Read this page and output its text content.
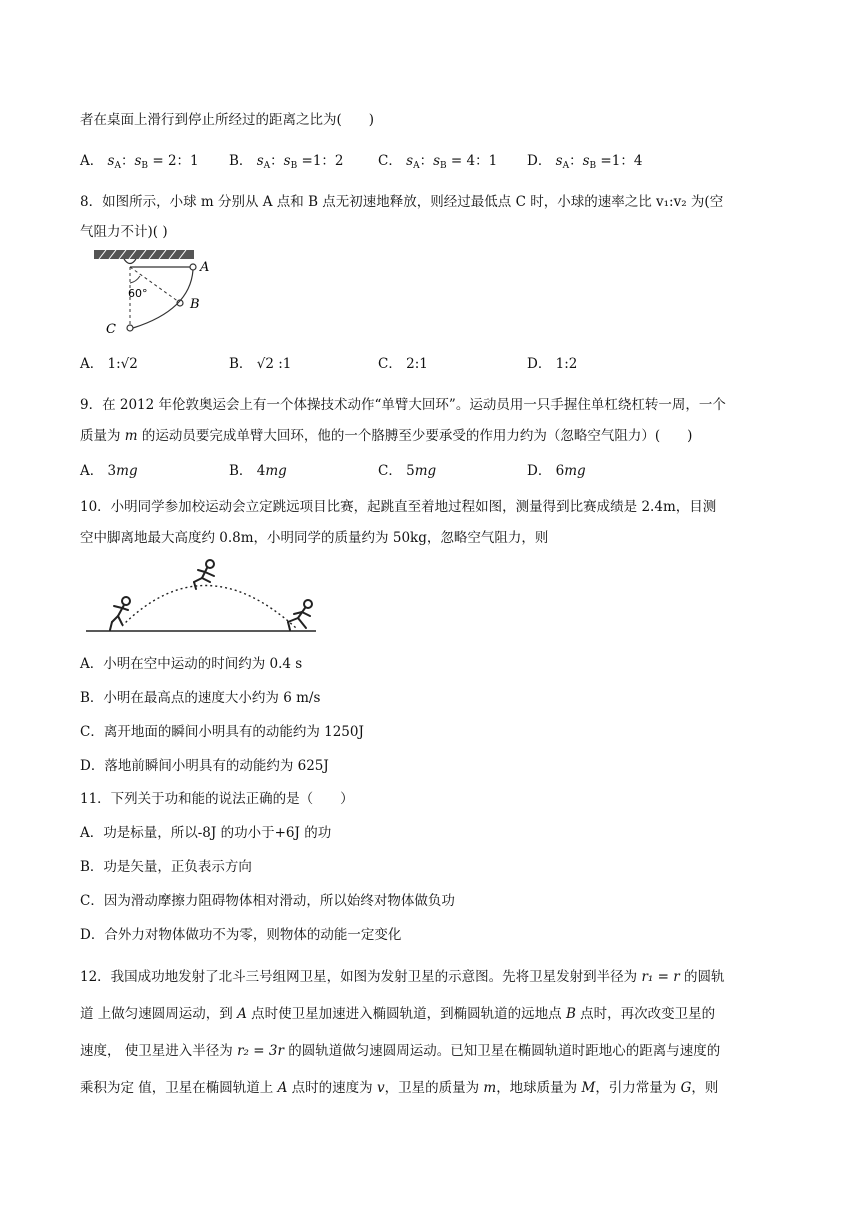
者在桌面上滑行到停止所经过的距离之比为(　　)
A． $s_A$：$s_B = 2$：1 B． $s_A$：$s_B =1$：2	C． $s_A$：$s_B = 4$：1 D． $s_A$：$s_B =1$：4
8．如图所示，小球 m 分别从 A 点和 B 点无初速地释放，则经过最低点 C 时，小球的速率之比 v₁:v₂ 为(空
气阻力不计)( )
A
B
C
60°
A． 1:√2	B． √2 :1	C． 2:1	D． 1:2
9．在 2012 年伦敦奥运会上有一个体操技术动作“单臂大回环”。运动员用一只手握住单杠绕杠转一周，一个
质量为 m 的运动员要完成单臂大回环，他的一个胳膊至少要承受的作用力约为（忽略空气阻力）(　　)
A． 3mg	B． 4mg	C． 5mg	D． 6mg
10．小明同学参加校运动会立定跳远项目比赛，起跳直至着地过程如图，测量得到比赛成绩是 2.4m，目测
空中脚离地最大高度约 0.8m，小明同学的质量约为 50kg，忽略空气阻力，则
A．小明在空中运动的时间约为 0.4 s
B．小明在最高点的速度大小约为 6 m/s
C．离开地面的瞬间小明具有的动能约为 1250J
D．落地前瞬间小明具有的动能约为 625J
11．下列关于功和能的说法正确的是（　　）
A．功是标量，所以-8J 的功小于+6J 的功
B．功是矢量，正负表示方向
C．因为滑动摩擦力阻碍物体相对滑动，所以始终对物体做负功
D．合外力对物体做功不为零，则物体的动能一定变化
12．我国成功地发射了北斗三号组网卫星，如图为发射卫星的示意图。先将卫星发射到半径为 r₁ = r 的圆轨
道 上做匀速圆周运动，到 A 点时使卫星加速进入椭圆轨道，到椭圆轨道的远地点 B 点时，再次改变卫星的
速度， 使卫星进入半径为 r₂ = 3r 的圆轨道做匀速圆周运动。已知卫星在椭圆轨道时距地心的距离与速度的
乘积为定 值，卫星在椭圆轨道上 A 点时的速度为 v，卫星的质量为 m，地球质量为 M，引力常量为 G，则
